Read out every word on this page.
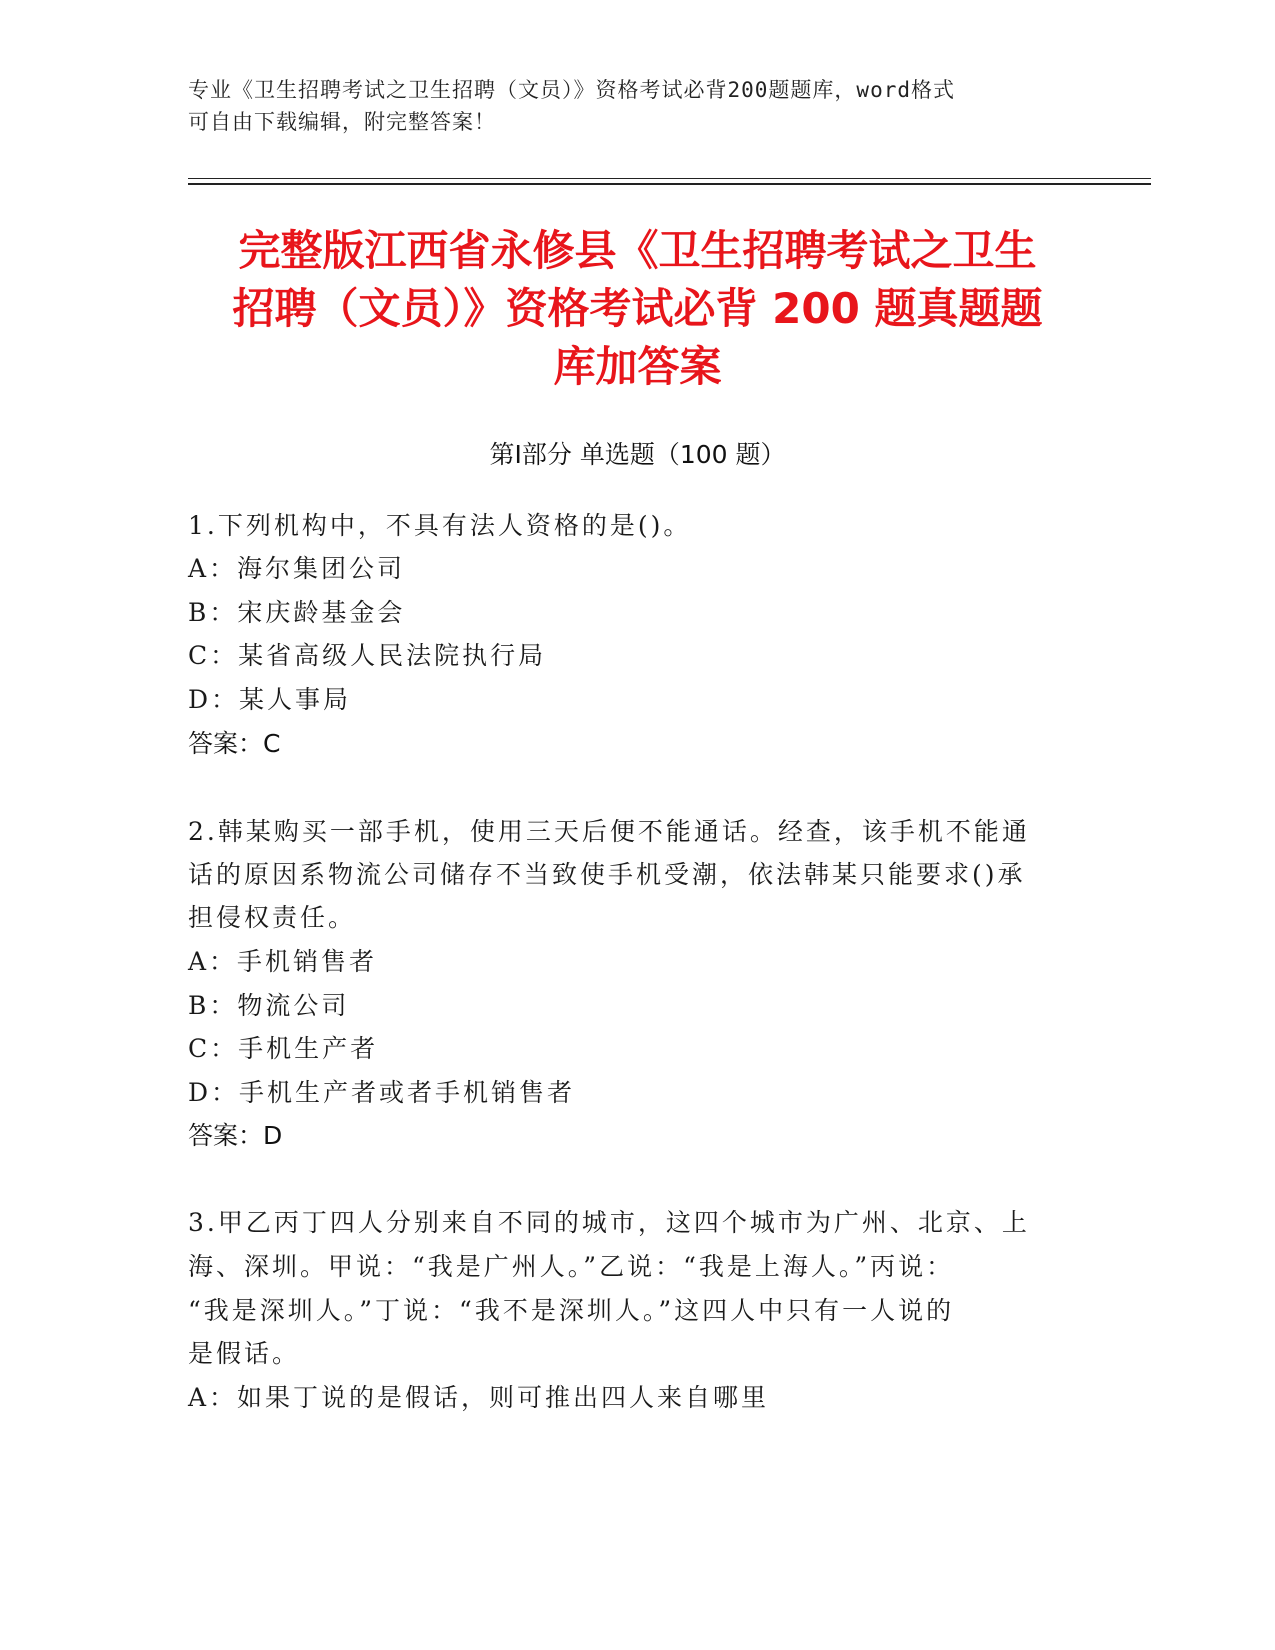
专业《卫生招聘考试之卫生招聘（文员）》资格考试必背200题题库，word格式
可自由下载编辑，附完整答案！
完整版江西省永修县《卫生招聘考试之卫生
招聘（文员）》资格考试必背 200 题真题题
库加答案
第Ⅰ部分 单选题（100 题）
1.下列机构中，不具有法人资格的是()。
A：海尔集团公司
B：宋庆龄基金会
C：某省高级人民法院执行局
D：某人事局
答案：C
2.韩某购买一部手机，使用三天后便不能通话。经查，该手机不能通
话的原因系物流公司储存不当致使手机受潮，依法韩某只能要求()承
担侵权责任。
A：手机销售者
B：物流公司
C：手机生产者
D：手机生产者或者手机销售者
答案：D
3.甲乙丙丁四人分别来自不同的城市，这四个城市为广州、北京、上
海、深圳。甲说：“我是广州人。”乙说：“我是上海人。”丙说：
“我是深圳人。”丁说：“我不是深圳人。”这四人中只有一人说的
是假话。
A：如果丁说的是假话，则可推出四人来自哪里
